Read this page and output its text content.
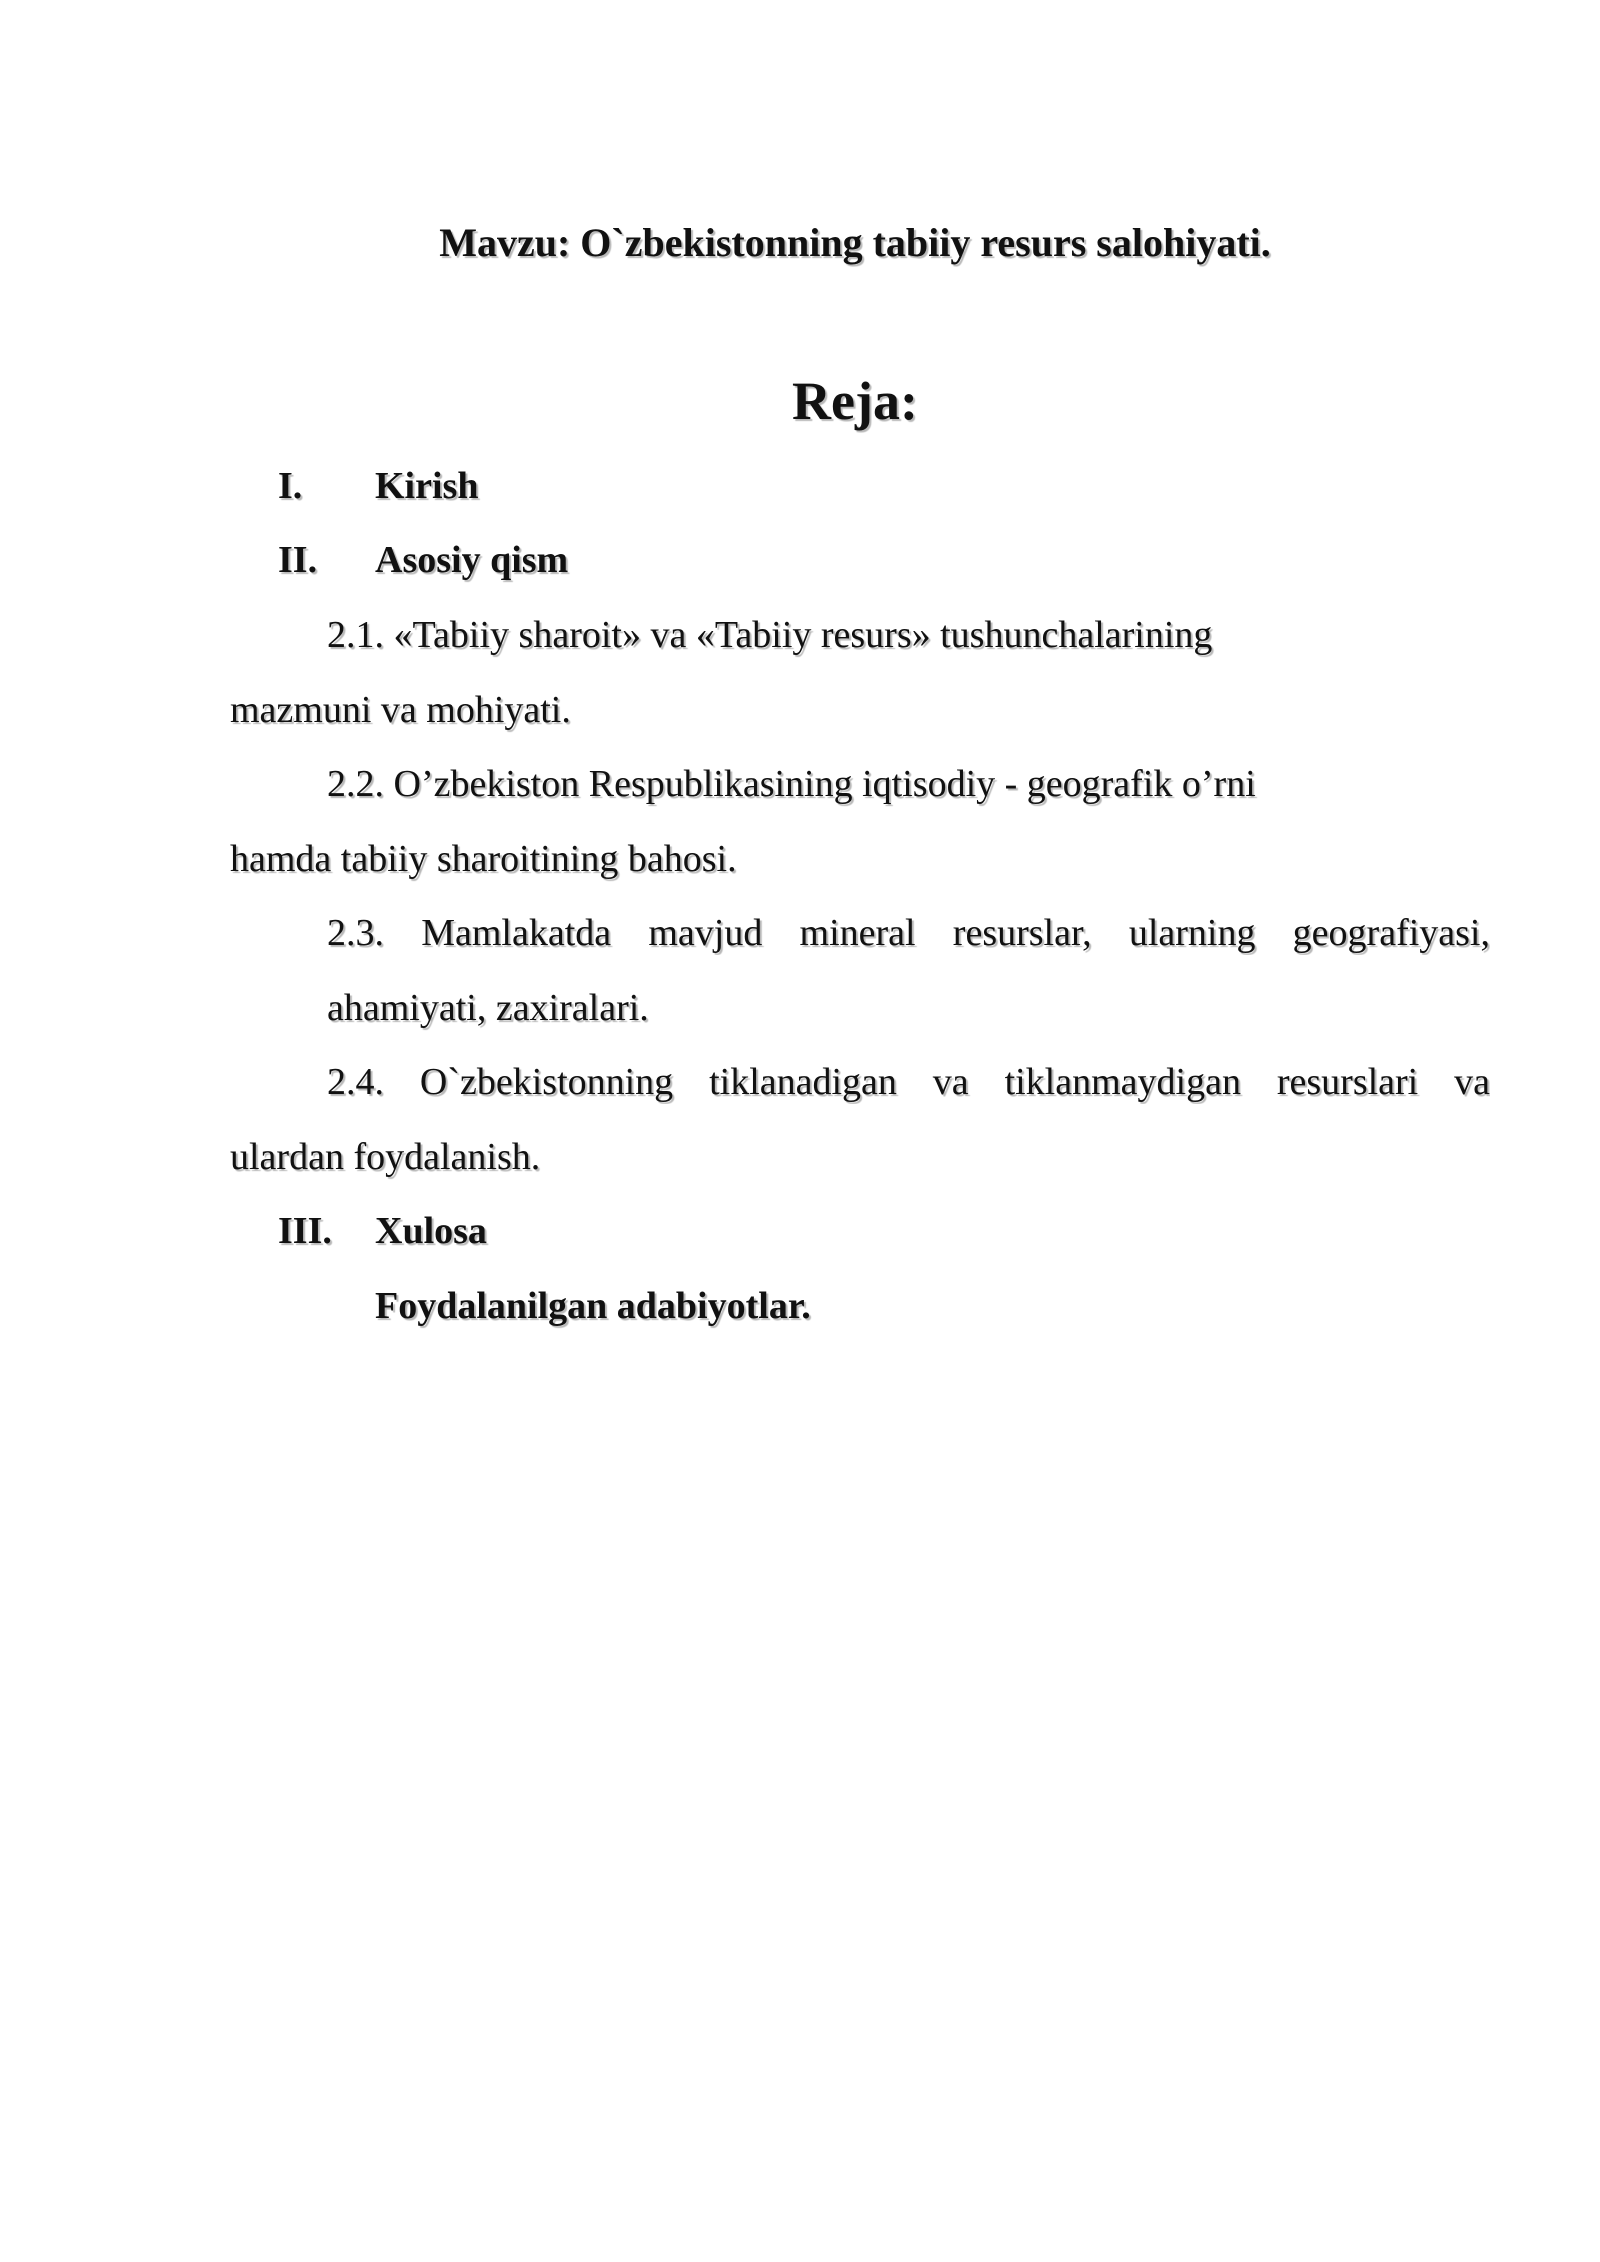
Mavzu: O`zbekistonning tabiiy resurs salohiyati.
Reja:
I. Kirish
II. Asosiy qism
2.1. «Tabiiy sharoit» va «Tabiiy resurs» tushunchalarining
mazmuni va mohiyati.
2.2. O’zbekiston Respublikasining iqtisodiy - geografik o’rni
hamda tabiiy sharoitining bahosi.
2.3. Mamlakatda mavjud mineral resurslar, ularning geografiyasi,
ahamiyati, zaxiralari.
2.4. O`zbekistonning tiklanadigan va tiklanmaydigan resurslari va
ulardan foydalanish.
III. Xulosa
Foydalanilgan adabiyotlar.
